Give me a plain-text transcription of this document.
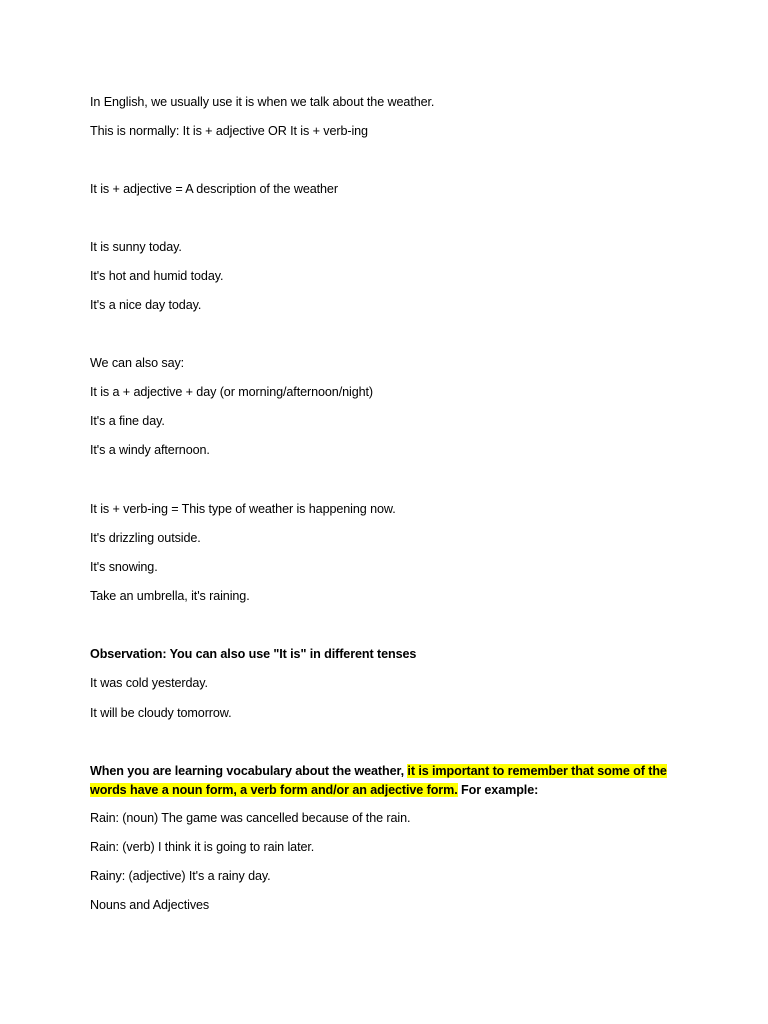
In English, we usually use it is when we talk about the weather.
This is normally: It is + adjective OR It is + verb-ing
It is + adjective = A description of the weather
It is sunny today.
It's hot and humid today.
It's a nice day today.
We can also say:
It is a + adjective + day (or morning/afternoon/night)
It's a fine day.
It's a windy afternoon.
It is + verb-ing = This type of weather is happening now.
It's drizzling outside.
It's snowing.
Take an umbrella, it's raining.
Observation: You can also use "It is" in different tenses
It was cold yesterday.
It will be cloudy tomorrow.
When you are learning vocabulary about the weather, it is important to remember that some of the
words have a noun form, a verb form and/or an adjective form. For example:
Rain: (noun) The game was cancelled because of the rain.
Rain: (verb) I think it is going to rain later.
Rainy: (adjective) It's a rainy day.
Nouns and Adjectives
